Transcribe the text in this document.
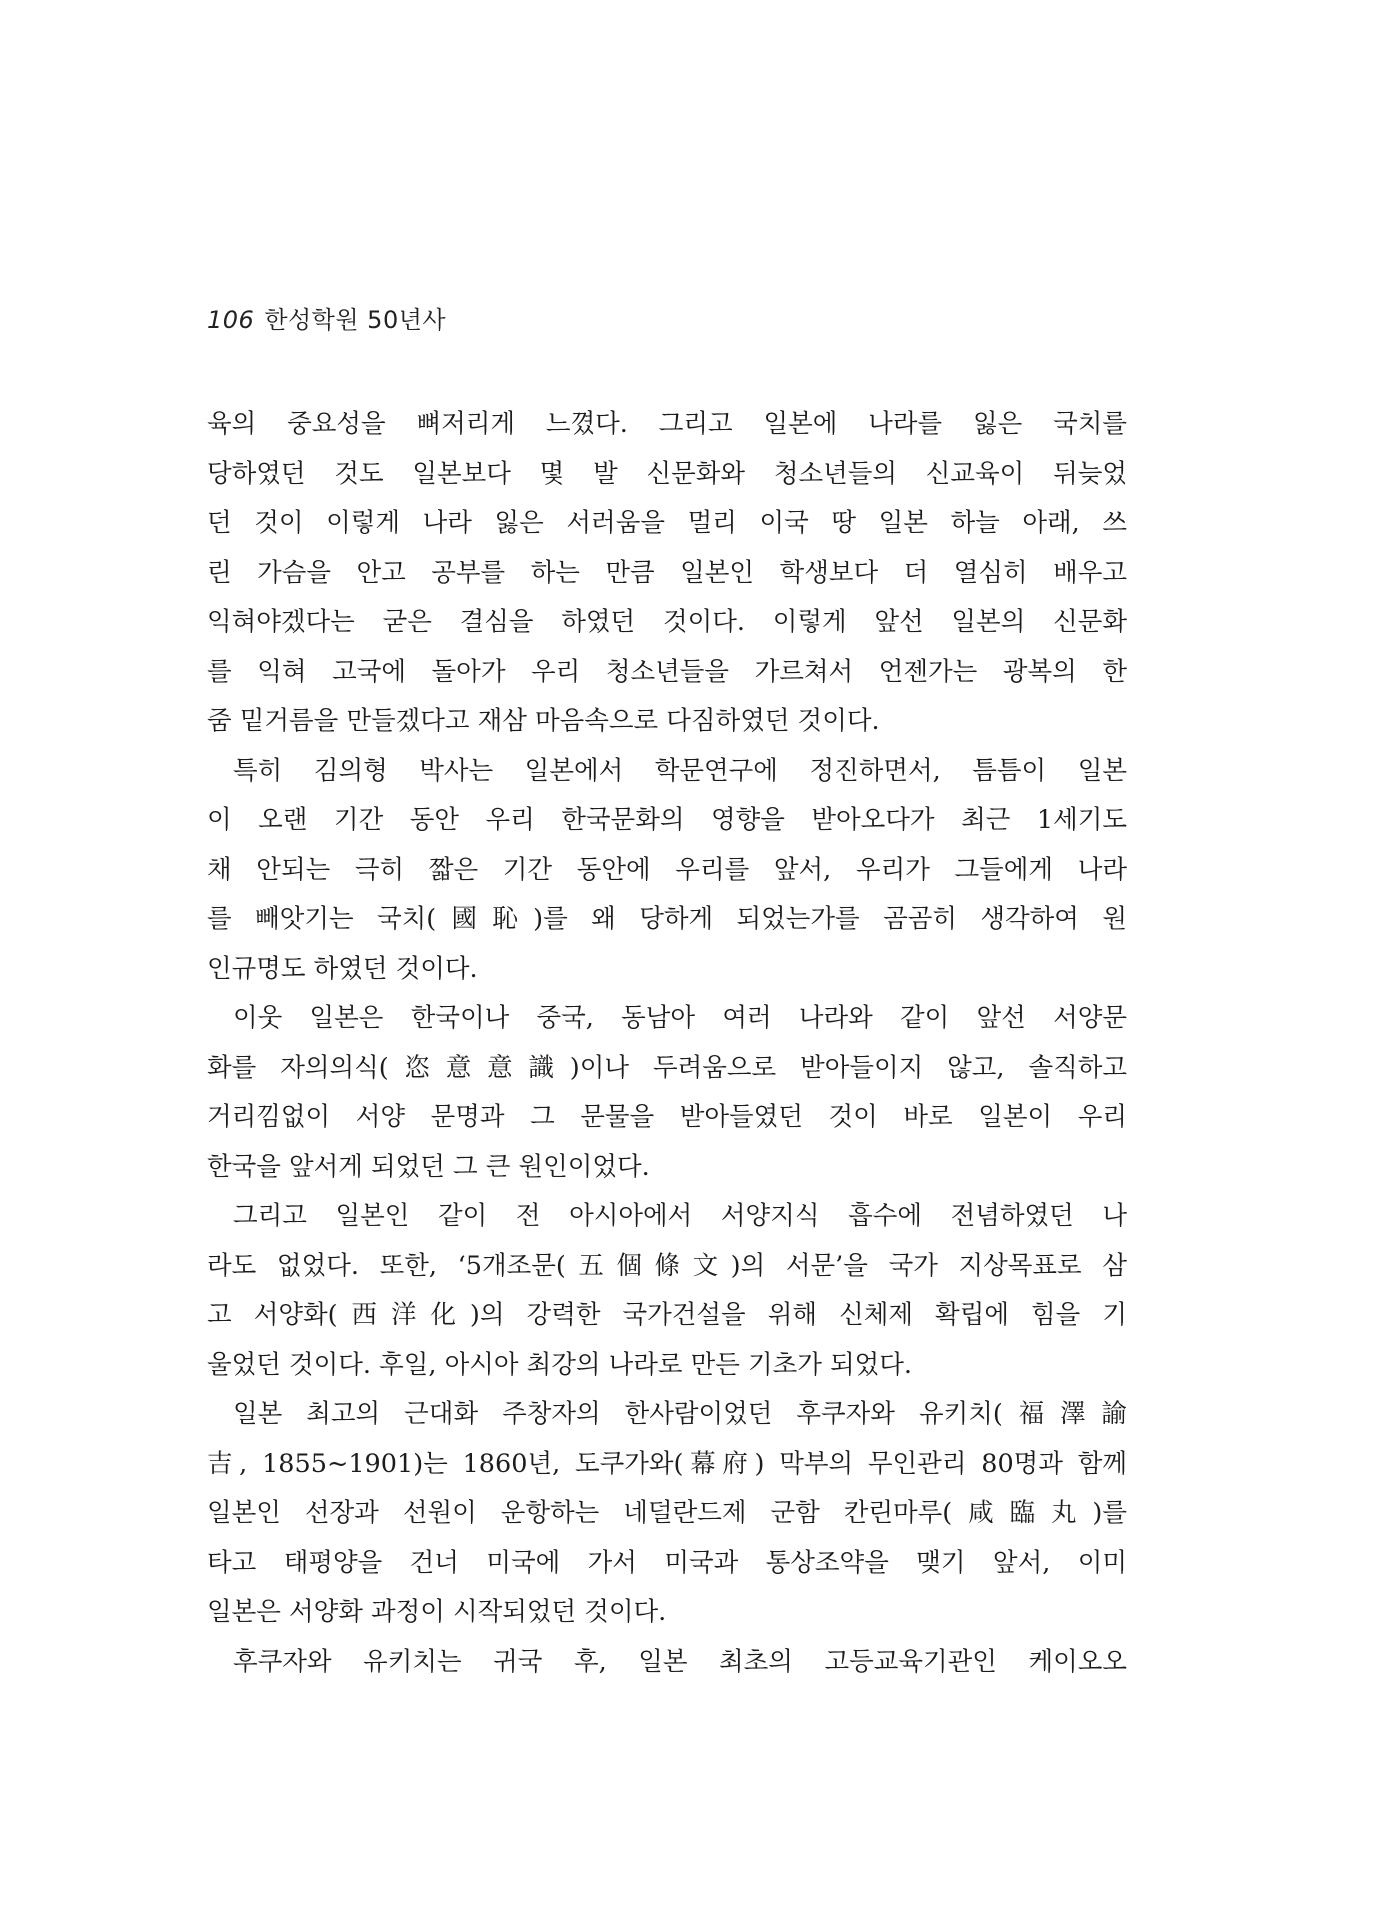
106 한성학원 50년사
육의 중요성을 뼈저리게 느꼈다. 그리고 일본에 나라를 잃은 국치를
당하였던 것도 일본보다 몇 발 신문화와 청소년들의 신교육이 뒤늦었
던 것이 이렇게 나라 잃은 서러움을 멀리 이국 땅 일본 하늘 아래, 쓰
린 가슴을 안고 공부를 하는 만큼 일본인 학생보다 더 열심히 배우고
익혀야겠다는 굳은 결심을 하였던 것이다. 이렇게 앞선 일본의 신문화
를 익혀 고국에 돌아가 우리 청소년들을 가르쳐서 언젠가는 광복의 한
줌 밑거름을 만들겠다고 재삼 마음속으로 다짐하였던 것이다.
특히 김의형 박사는 일본에서 학문연구에 정진하면서, 틈틈이 일본
이 오랜 기간 동안 우리 한국문화의 영향을 받아오다가 최근 1세기도
채 안되는 극히 짧은 기간 동안에 우리를 앞서, 우리가 그들에게 나라
를 빼앗기는 국치(國恥)를 왜 당하게 되었는가를 곰곰히 생각하여 원
인규명도 하였던 것이다.
이웃 일본은 한국이나 중국, 동남아 여러 나라와 같이 앞선 서양문
화를 자의의식(恣意意識)이나 두려움으로 받아들이지 않고, 솔직하고
거리낌없이 서양 문명과 그 문물을 받아들였던 것이 바로 일본이 우리
한국을 앞서게 되었던 그 큰 원인이었다.
그리고 일본인 같이 전 아시아에서 서양지식 흡수에 전념하였던 나
라도 없었다. 또한, ‘5개조문(五個條文)의 서문’을 국가 지상목표로 삼
고 서양화(西洋化)의 강력한 국가건설을 위해 신체제 확립에 힘을 기
울었던 것이다. 후일, 아시아 최강의 나라로 만든 기초가 되었다.
일본 최고의 근대화 주창자의 한사람이었던 후쿠자와 유키치(福澤諭
吉, 1855~1901)는 1860년, 도쿠가와(幕府) 막부의 무인관리 80명과 함께
일본인 선장과 선원이 운항하는 네덜란드제 군함 칸린마루(咸臨丸)를
타고 태평양을 건너 미국에 가서 미국과 통상조약을 맺기 앞서, 이미
일본은 서양화 과정이 시작되었던 것이다.
후쿠자와 유키치는 귀국 후, 일본 최초의 고등교육기관인 케이오오
